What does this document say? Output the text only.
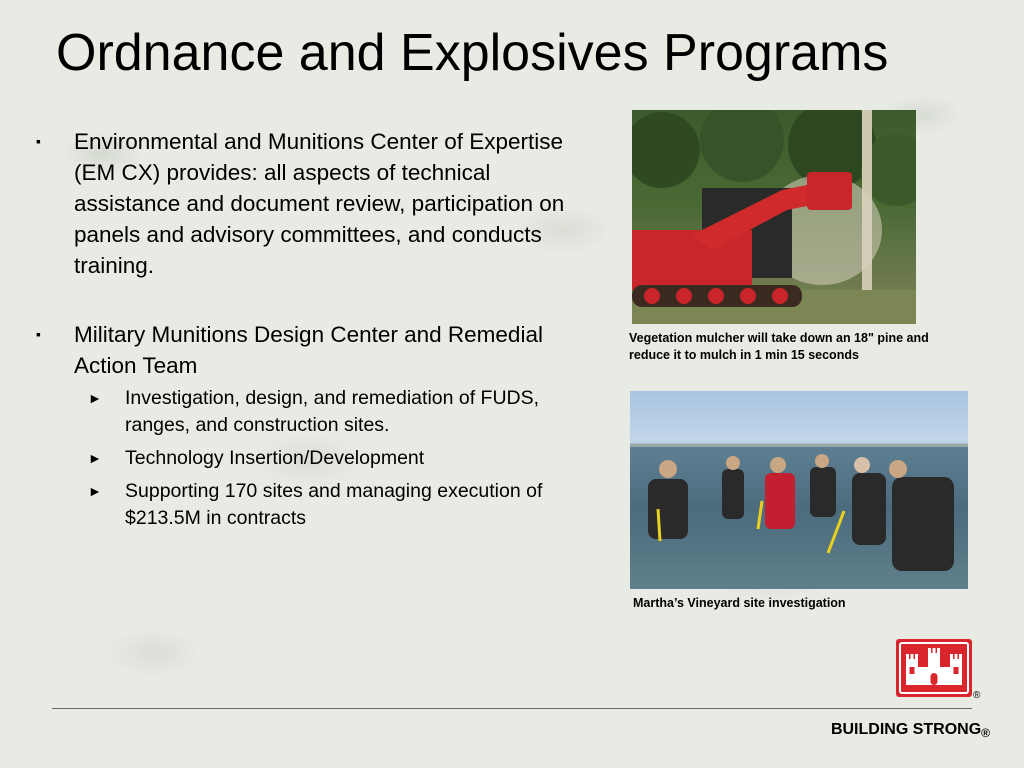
Ordnance and Explosives Programs
▪	Environmental and Munitions Center of Expertise (EM CX) provides: all aspects of technical assistance and document review, participation on panels and advisory committees, and conducts training.
▪	Military Munitions Design Center and Remedial Action Team
►	Investigation, design, and remediation of FUDS, ranges, and construction sites.
►	Technology Insertion/Development
►	Supporting 170 sites and managing execution of $213.5M in contracts
Vegetation mulcher will take down an 18" pine and reduce it to mulch in 1 min 15 seconds
Martha’s Vineyard site investigation
®
BUILDING $STRONG_®$
